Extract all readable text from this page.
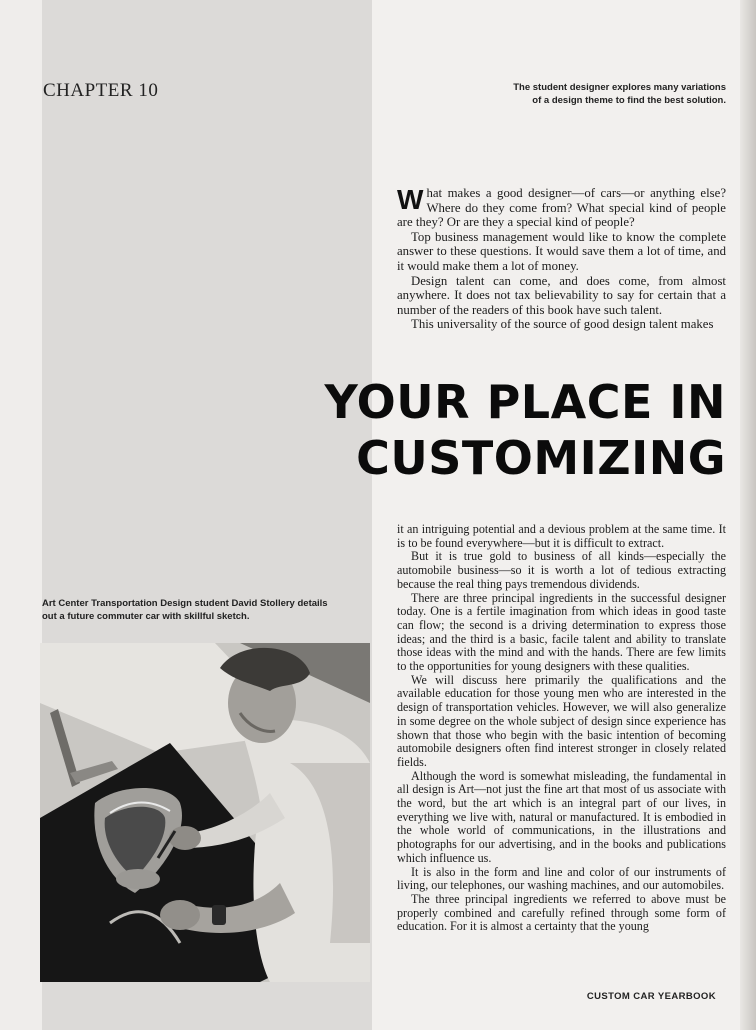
CHAPTER 10	The student designer explores many variations of a design theme to find the best solution.

What makes a good designer—of cars—or anything else? Where do they come from? What special kind of people are they? Or are they a special kind of people?

Top business management would like to know the complete answer to these questions. It would save them a lot of time, and it would make them a lot of money.

Design talent can come, and does come, from almost anywhere. It does not tax believability to say for certain that a number of the readers of this book have such talent.

This universality of the source of good design talent makes

YOUR PLACE IN
CUSTOMIZING
Art Center Transportation Design student David Stollery details out a future commuter car with skillful sketch.

it an intriguing potential and a devious problem at the same time. It is to be found everywhere—but it is difficult to extract.

But it is true gold to business of all kinds—especially the automobile business—so it is worth a lot of tedious extracting because the real thing pays tremendous dividends.

There are three principal ingredients in the successful designer today. One is a fertile imagination from which ideas in good taste can flow; the second is a driving determination to express those ideas; and the third is a basic, facile talent and ability to translate those ideas with the mind and with the hands. There are few limits to the opportunities for young designers with these qualities.

We will discuss here primarily the qualifications and the available education for those young men who are interested in the design of transportation vehicles. However, we will also generalize in some degree on the whole subject of design since experience has shown that those who begin with the basic intention of becoming automobile designers often find interest stronger in closely related fields.

Although the word is somewhat misleading, the fundamental in all design is Art—not just the fine art that most of us associate with the word, but the art which is an integral part of our lives, in everything we live with, natural or manufactured. It is embodied in the whole world of communications, in the illustrations and photographs for our advertising, and in the books and publications which influence us.

It is also in the form and line and color of our instruments of living, our telephones, our washing machines, and our automobiles.

The three principal ingredients we referred to above must be properly combined and carefully refined through some form of education. For it is almost a certainty that the young

CUSTOM CAR YEARBOOK
